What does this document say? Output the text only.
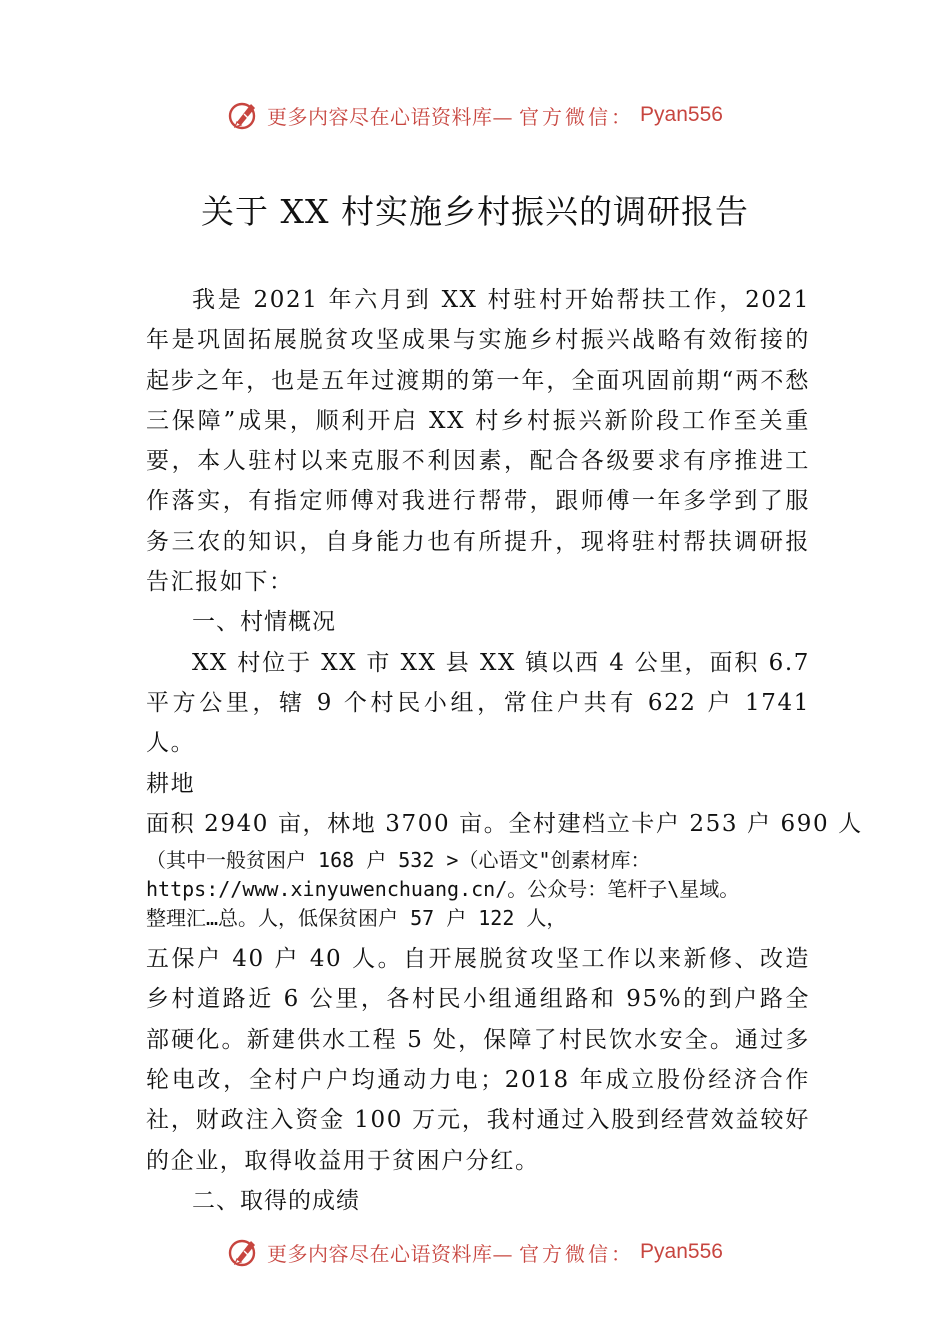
更多内容尽在心语资料库— 官方微信： Pyan556
关于 XX 村实施乡村振兴的调研报告

我是 2021 年六月到 XX 村驻村开始帮扶工作，2021 年是巩固拓展脱贫攻坚成果与实施乡村振兴战略有效衔接的起步之年，也是五年过渡期的第一年，全面巩固前期“两不愁三保障”成果，顺利开启 XX 村乡村振兴新阶段工作至关重要，本人驻村以来克服不利因素，配合各级要求有序推进工作落实，有指定师傅对我进行帮带，跟师傅一年多学到了服务三农的知识，自身能力也有所提升，现将驻村帮扶调研报告汇报如下：

一、村情概况

XX 村位于 XX 市 XX 县 XX 镇以西 4 公里，面积 6.7 平方公里，辖 9 个村民小组，常住户共有 622 户 1741 人。

耕地

面积 2940 亩，林地 3700 亩。全村建档立卡户 253 户 690 人

（其中一般贫困户 168 户 532 >（心语文"创素材库：
https://www.xinyuwenchuang.cn/。公众号：笔杆子\星域。
整理汇…总。人，低保贫困户 57 户 122 人，

五保户 40 户 40 人。自开展脱贫攻坚工作以来新修、改造乡村道路近 6 公里，各村民小组通组路和 95%的到户路全部硬化。新建供水工程 5 处，保障了村民饮水安全。通过多轮电改，全村户户均通动力电；2018 年成立股份经济合作社，财政注入资金 100 万元，我村通过入股到经营效益较好的企业，取得收益用于贫困户分红。

二、取得的成绩

更多内容尽在心语资料库— 官方微信： Pyan556
